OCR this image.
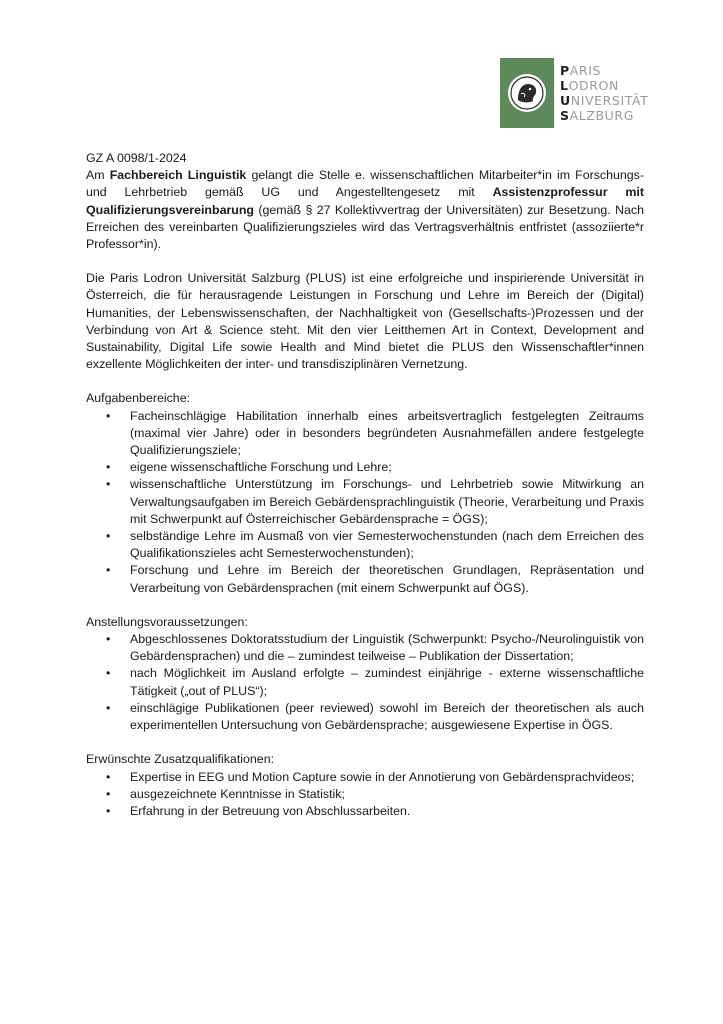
PARIS
LODRON
UNIVERSITÄT
SALZBURG

GZ A 0098/1-2024

Am Fachbereich Linguistik gelangt die Stelle e. wissenschaftlichen Mitarbeiter*in im Forschungs- und Lehrbetrieb gemäß UG und Angestelltengesetz mit Assistenzprofessur mit Qualifizierungsvereinbarung (gemäß § 27 Kollektivvertrag der Universitäten) zur Besetzung. Nach Erreichen des vereinbarten Qualifizierungszieles wird das Vertragsverhältnis entfristet (assoziierte*r Professor*in).

Die Paris Lodron Universität Salzburg (PLUS) ist eine erfolgreiche und inspirierende Universität in Österreich, die für herausragende Leistungen in Forschung und Lehre im Bereich der (Digital) Humanities, der Lebenswissenschaften, der Nachhaltigkeit von (Gesellschafts-)Prozessen und der Verbindung von Art & Science steht. Mit den vier Leitthemen Art in Context, Development and Sustainability, Digital Life sowie Health and Mind bietet die PLUS den Wissenschaftler*innen exzellente Möglichkeiten der inter- und transdisziplinären Vernetzung.

Aufgabenbereiche:

• Facheinschlägige Habilitation innerhalb eines arbeitsvertraglich festgelegten Zeitraums (maximal vier Jahre) oder in besonders begründeten Ausnahmefällen andere festgelegte Qualifizierungsziele;
• eigene wissenschaftliche Forschung und Lehre;
• wissenschaftliche Unterstützung im Forschungs- und Lehrbetrieb sowie Mitwirkung an Verwaltungsaufgaben im Bereich Gebärdensprachlinguistik (Theorie, Verarbeitung und Praxis mit Schwerpunkt auf Österreichischer Gebärdensprache = ÖGS);
• selbständige Lehre im Ausmaß von vier Semesterwochenstunden (nach dem Erreichen des Qualifikationszieles acht Semesterwochenstunden);
• Forschung und Lehre im Bereich der theoretischen Grundlagen, Repräsentation und Verarbeitung von Gebärdensprachen (mit einem Schwerpunkt auf ÖGS).

Anstellungsvoraussetzungen:

• Abgeschlossenes Doktoratsstudium der Linguistik (Schwerpunkt: Psycho-/Neurolinguistik von Gebärdensprachen) und die – zumindest teilweise – Publikation der Dissertation;
• nach Möglichkeit im Ausland erfolgte – zumindest einjährige - externe wissenschaftliche Tätigkeit („out of PLUS“);
• einschlägige Publikationen (peer reviewed) sowohl im Bereich der theoretischen als auch experimentellen Untersuchung von Gebärdensprache; ausgewiesene Expertise in ÖGS.

Erwünschte Zusatzqualifikationen:

• Expertise in EEG und Motion Capture sowie in der Annotierung von Gebärdensprachvideos;
• ausgezeichnete Kenntnisse in Statistik;
• Erfahrung in der Betreuung von Abschlussarbeiten.
